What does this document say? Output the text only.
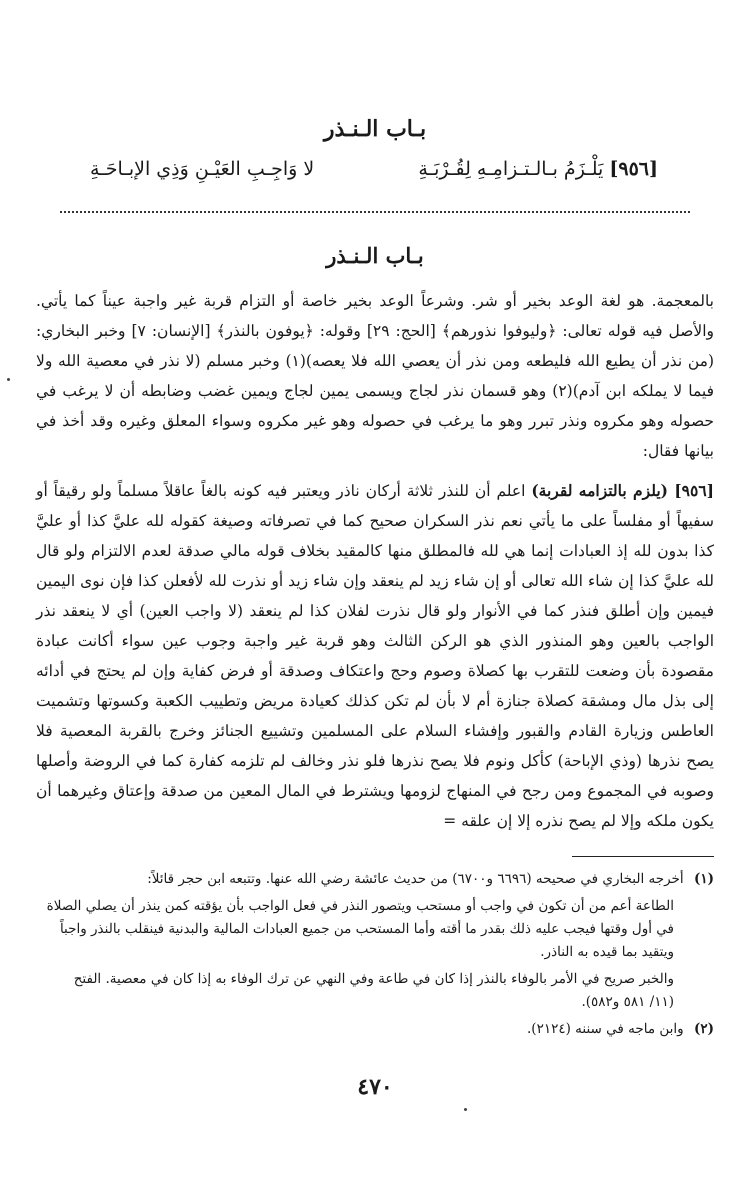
بـاب الـنـذر
[٩٥٦] يَلْـزَمُ بـالـتـزامِـهِ لِقُـرْبَـةِ
لا وَاجِـبِ العَيْـنِ وَذِي الإبـاحَـةِ
بـاب الـنـذر
بالمعجمة. هو لغة الوعد بخير أو شر. وشرعاً الوعد بخير خاصة أو التزام قربة غير واجبة عيناً كما يأتي. والأصل فيه قوله تعالى: ﴿وليوفوا نذورهم﴾ [الحج: ٢٩] وقوله: ﴿يوفون بالنذر﴾ [الإنسان: ٧] وخبر البخاري: (من نذر أن يطيع الله فليطعه ومن نذر أن يعصي الله فلا يعصه)(١) وخبر مسلم (لا نذر في معصية الله ولا فيما لا يملكه ابن آدم)(٢) وهو قسمان نذر لجاج ويسمى يمين لجاج ويمين غضب وضابطه أن لا يرغب في حصوله وهو مكروه ونذر تبرر وهو ما يرغب في حصوله وهو غير مكروه وسواء المعلق وغيره وقد أخذ في بيانها فقال:
[٩٥٦] (يلزم بالتزامه لقربة) اعلم أن للنذر ثلاثة أركان ناذر ويعتبر فيه كونه بالغاً عاقلاً مسلماً ولو رقيقاً أو سفيهاً أو مفلساً على ما يأتي نعم نذر السكران صحيح كما في تصرفاته وصيغة كقوله لله عليَّ كذا أو عليَّ كذا بدون لله إذ العبادات إنما هي لله فالمطلق منها كالمقيد بخلاف قوله مالي صدقة لعدم الالتزام ولو قال لله عليَّ كذا إن شاء الله تعالى أو إن شاء زيد لم ينعقد وإن شاء زيد أو نذرت لله لأفعلن كذا فإن نوى اليمين فيمين وإن أطلق فنذر كما في الأنوار ولو قال نذرت لفلان كذا لم ينعقد (لا واجب العين) أي لا ينعقد نذر الواجب بالعين وهو المنذور الذي هو الركن الثالث وهو قربة غير واجبة وجوب عين سواء أكانت عبادة مقصودة بأن وضعت للتقرب بها كصلاة وصوم وحج واعتكاف وصدقة أو فرض كفاية وإن لم يحتج في أدائه إلى بذل مال ومشقة كصلاة جنازة أم لا بأن لم تكن كذلك كعيادة مريض وتطييب الكعبة وكسوتها وتشميت العاطس وزيارة القادم والقبور وإفشاء السلام على المسلمين وتشييع الجنائز وخرج بالقربة المعصية فلا يصح نذرها (وذي الإباحة) كأكل ونوم فلا يصح نذرها فلو نذر وخالف لم تلزمه كفارة كما في الروضة وأصلها وصوبه في المجموع ومن رجح في المنهاج لزومها ويشترط في المال المعين من صدقة وإعتاق وغيرهما أن يكون ملكه وإلا لم يصح نذره إلا إن علقه =

(١) أخرجه البخاري في صحيحه (٦٦٩٦ و٦٧٠٠) من حديث عائشة رضي الله عنها. وتتبعه ابن حجر قائلاً:

الطاعة أعم من أن تكون في واجب أو مستحب ويتصور النذر في فعل الواجب بأن يؤقته كمن ينذر أن يصلي الصلاة في أول وقتها فيجب عليه ذلك بقدر ما أقته وأما المستحب من جميع العبادات المالية والبدنية فينقلب بالنذر واجباً ويتقيد بما قيده به الناذر.

والخبر صريح في الأمر بالوفاء بالنذر إذا كان في طاعة وفي النهي عن ترك الوفاء به إذا كان في معصية. الفتح (١١/ ٥٨١ و٥٨٢).

(٢) وابن ماجه في سننه (٢١٢٤).

٤٧٠
